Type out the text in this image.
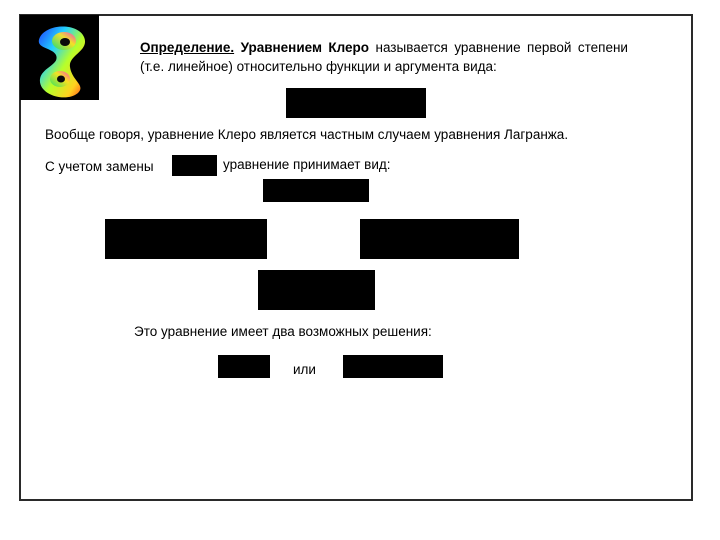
Определение. Уравнением Клеро называется уравнение первой степени (т.е. линейное) относительно функции и аргумента вида:
Вообще говоря, уравнение Клеро является частным случаем уравнения Лагранжа.
С учетом замены	уравнение принимает вид:
Это уравнение имеет два возможных решения:
или
